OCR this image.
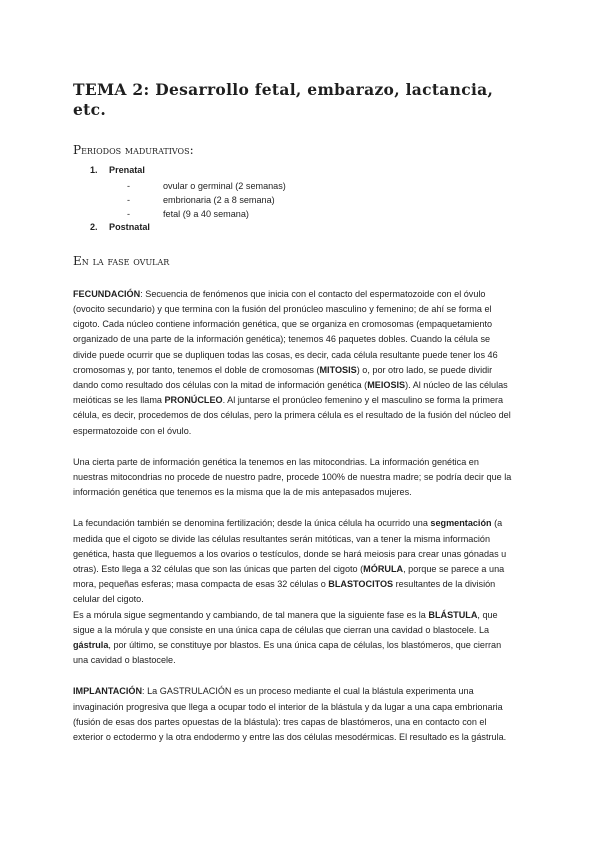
TEMA 2: Desarrollo fetal, embarazo, lactancia, etc.
Periodos madurativos:
1. Prenatal
-	ovular o germinal (2 semanas)
-	embrionaria (2 a 8 semana)
-	fetal (9 a 40 semana)
2. Postnatal
En la fase ovular

FECUNDACIÓN: Secuencia de fenómenos que inicia con el contacto del espermatozoide con el óvulo (ovocito secundario) y que termina con la fusión del pronúcleo masculino y femenino; de ahí se forma el cigoto. Cada núcleo contiene información genética, que se organiza en cromosomas (empaquetamiento organizado de una parte de la información genética); tenemos 46 paquetes dobles. Cuando la célula se divide puede ocurrir que se dupliquen todas las cosas, es decir, cada célula resultante puede tener los 46 cromosomas y, por tanto, tenemos el doble de cromosomas (MITOSIS) o, por otro lado, se puede dividir dando como resultado dos células con la mitad de información genética (MEIOSIS). Al núcleo de las células meióticas se les llama PRONÚCLEO. Al juntarse el pronúcleo femenino y el masculino se forma la primera célula, es decir, procedemos de dos células, pero la primera célula es el resultado de la fusión del núcleo del espermatozoide con el óvulo.

Una cierta parte de información genética la tenemos en las mitocondrias. La información genética en nuestras mitocondrias no procede de nuestro padre, procede 100% de nuestra madre; se podría decir que la información genética que tenemos es la misma que la de mis antepasados mujeres.

La fecundación también se denomina fertilización; desde la única célula ha ocurrido una segmentación (a medida que el cigoto se divide las células resultantes serán mitóticas, van a tener la misma información genética, hasta que lleguemos a los ovarios o testículos, donde se hará meiosis para crear unas gónadas u otras). Esto llega a 32 células que son las únicas que parten del cigoto (MÓRULA, porque se parece a una mora, pequeñas esferas; masa compacta de esas 32 células o BLASTOCITOS resultantes de la división celular del cigoto.

Es a mórula sigue segmentando y cambiando, de tal manera que la siguiente fase es la BLÁSTULA, que sigue a la mórula y que consiste en una única capa de células que cierran una cavidad o blastocele. La gástrula, por último, se constituye por blastos. Es una única capa de células, los blastómeros, que cierran una cavidad o blastocele.

IMPLANTACIÓN: La GASTRULACIÓN es un proceso mediante el cual la blástula experimenta una invaginación progresiva que llega a ocupar todo el interior de la blástula y da lugar a una capa embrionaria (fusión de esas dos partes opuestas de la blástula): tres capas de blastómeros, una en contacto con el exterior o ectodermo y la otra endodermo y entre las dos células mesodérmicas. El resultado es la gástrula.
